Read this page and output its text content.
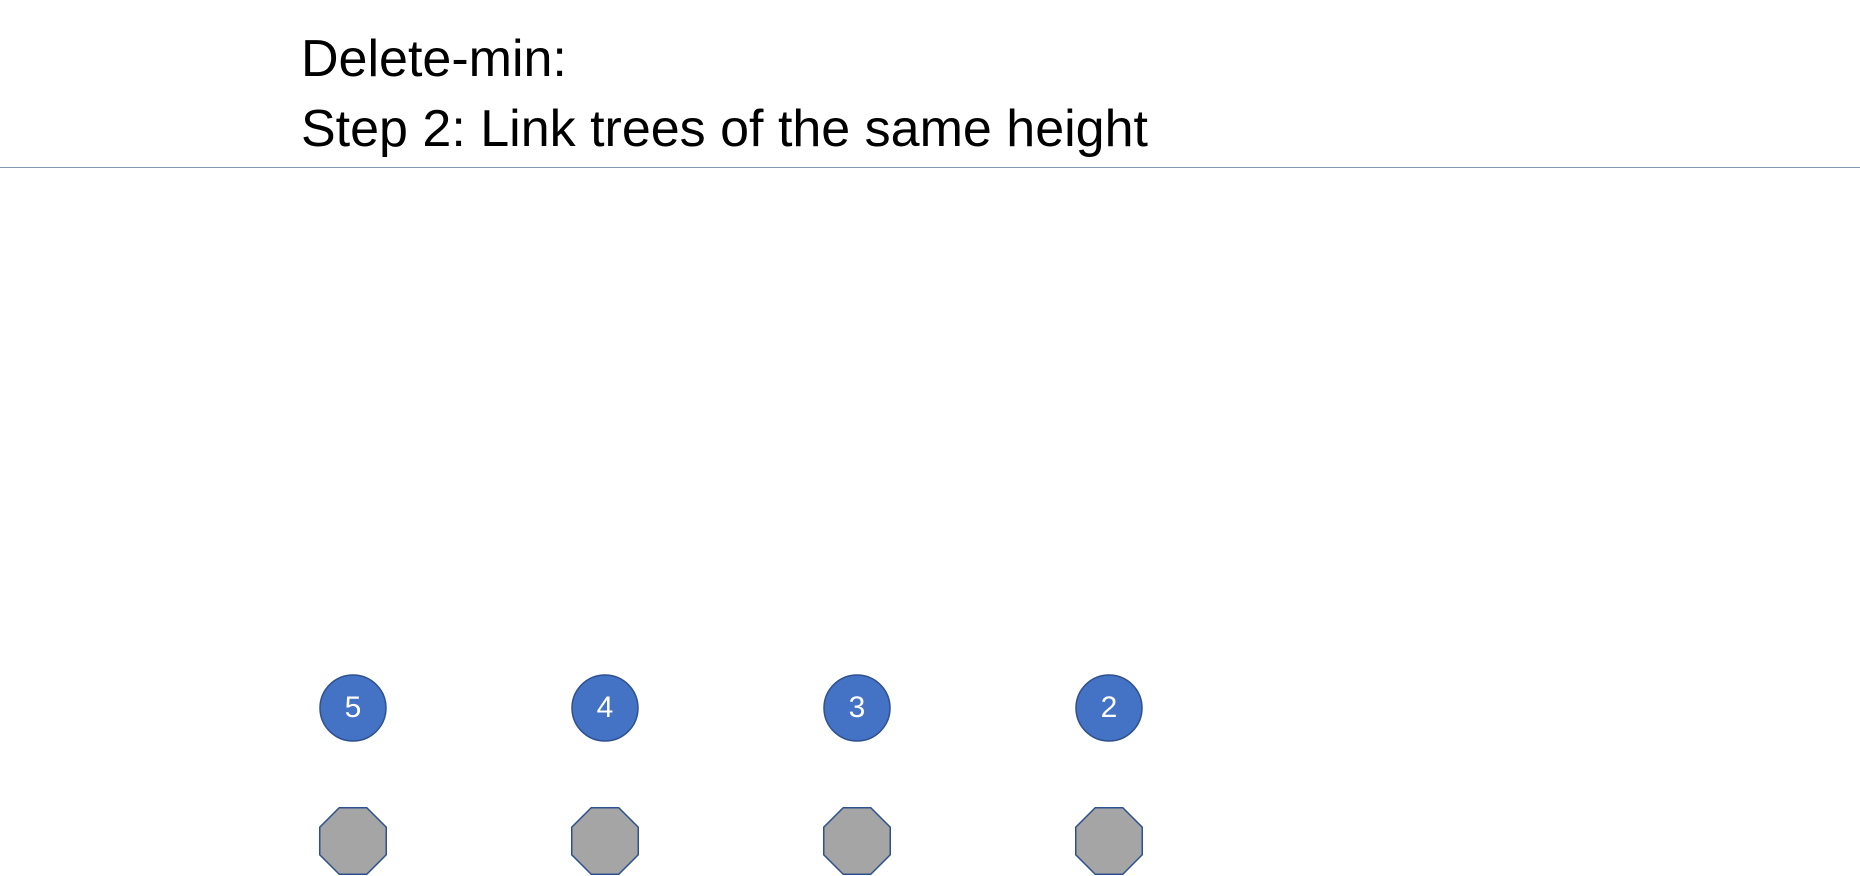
Delete-min:
Step 2: Link trees of the same height
5	4	3	2
